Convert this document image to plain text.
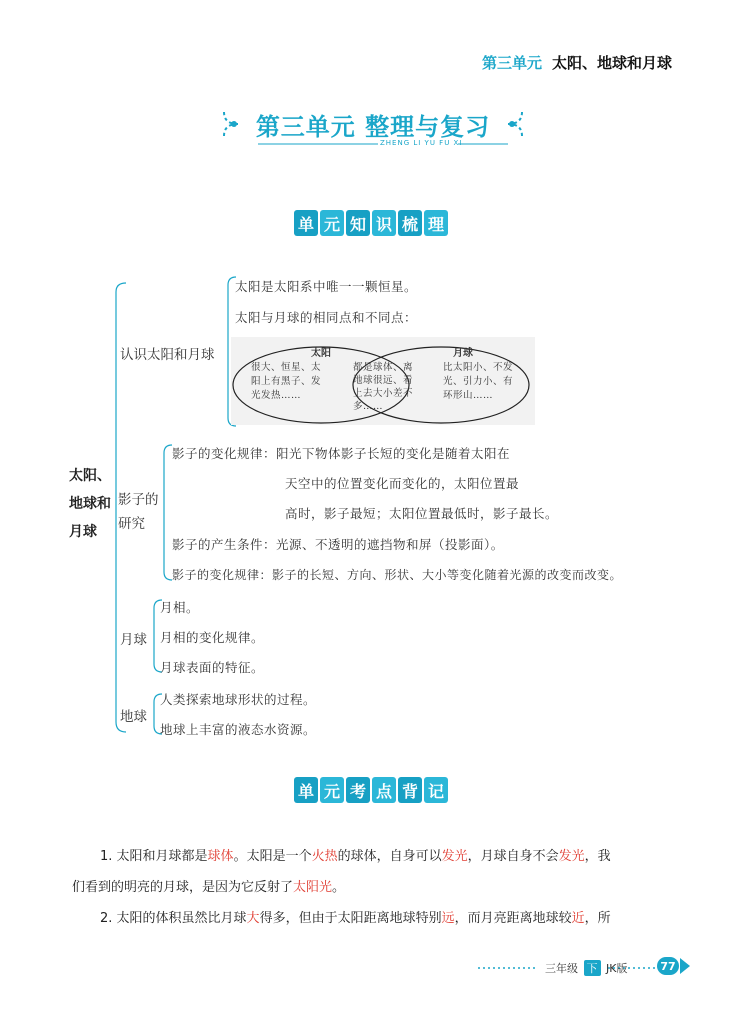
第三单元 太阳、地球和月球
第三单元 整理与复习
ZHENG LI YU FU XI
单 元 知 识 梳 理
太阳、
地球和
月球
认识太阳和月球
太阳是太阳系中唯一一颗恒星。
太阳与月球的相同点和不同点：
太阳	月球
很大、恒星、太
阳上有黑子、发
光发热……
都是球体、离
地球很远、看
上去大小差不
多……
比太阳小、不发
光、引力小、有
环形山……
影子的
研究
影子的变化规律：阳光下物体影子长短的变化是随着太阳在
天空中的位置变化而变化的，太阳位置最
高时，影子最短；太阳位置最低时，影子最长。
影子的产生条件：光源、不透明的遮挡物和屏（投影面）。
影子的变化规律：影子的长短、方向、形状、大小等变化随着光源的改变而改变。
月球
月相。
月相的变化规律。
月球表面的特征。
地球
人类探索地球形状的过程。
地球上丰富的液态水资源。
单 元 考 点 背 记
1. 太阳和月球都是球体。太阳是一个火热的球体，自身可以发光，月球自身不会发光，我
们看到的明亮的月球，是因为它反射了太阳光。
2. 太阳的体积虽然比月球大得多，但由于太阳距离地球特别远，而月亮距离地球较近，所
三年级 下 JK版	77
